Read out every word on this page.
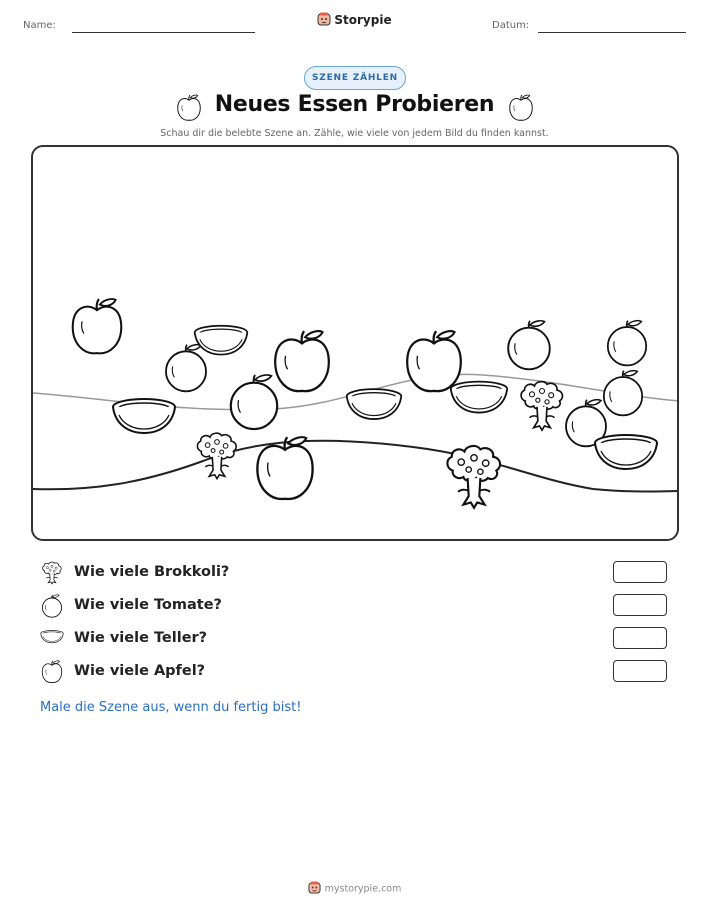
Name:	Storypie	Datum:
SZENE ZÄHLEN
Neues Essen Probieren
Schau dir die belebte Szene an. Zähle, wie viele von jedem Bild du finden kannst.
Wie viele Brokkoli?
Wie viele Tomate?
Wie viele Teller?
Wie viele Apfel?
Male die Szene aus, wenn du fertig bist!
mystorypie.com
